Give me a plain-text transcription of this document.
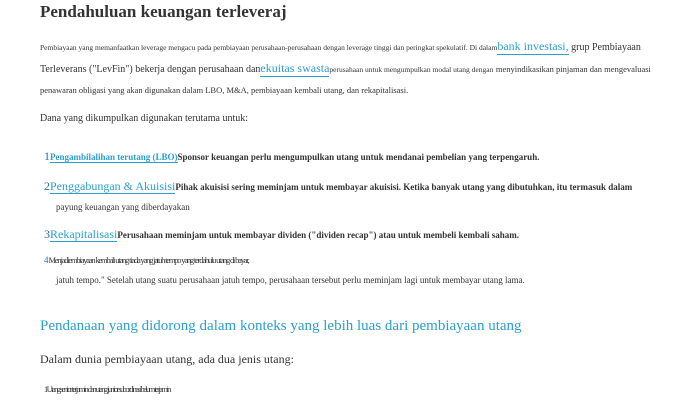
Pendahuluan keuangan terleveraj
Pembiayaan yang memanfaatkan leverage mengacu pada pembiayaan perusahaan-perusahaan dengan leverage tinggi dan peringkat spekulatif. Di dalambank investasi, grup Pembiayaan Terleverans ("LevFin") bekerja dengan perusahaan danekuitas swastaperusahaan untuk mengumpulkan modal utang dengan menyindikasikan pinjaman dan mengevaluasi penawaran obligasi yang akan digunakan dalam LBO, M&A, pembiayaan kembali utang, dan rekapitalisasi.
Dana yang dikumpulkan digunakan terutama untuk:
1Pengambilalihan terutang (LBO)Sponsor keuangan perlu mengumpulkan utang untuk mendanai pembelian yang terpengaruh.
2Penggabungan & AkuisisiPihak akuisisi sering meminjam untuk membayar akuisisi. Ketika banyak utang yang dibutuhkan, itu termasuk dalam
payung keuangan yang diberdayakan
3RekapitalisasiPerusahaan meminjam untuk membayar dividen ("dividen recap") atau untuk membeli kembali saham.
4Menjadiembiayaan kembali utang tiada yang jatuh tempo yang terdahulu utang di bayar,
jatuh tempo." Setelah utang suatu perusahaan jatuh tempo, perusahaan tersebut perlu meminjam lagi untuk membayar utang lama.
Pendanaan yang didorong dalam konteks yang lebih luas dari pembiayaan utang
Dalam dunia pembiayaan utang, ada dua jenis utang:
1Utang senior terjamin dan utang junior subordinasi belum terjamin
